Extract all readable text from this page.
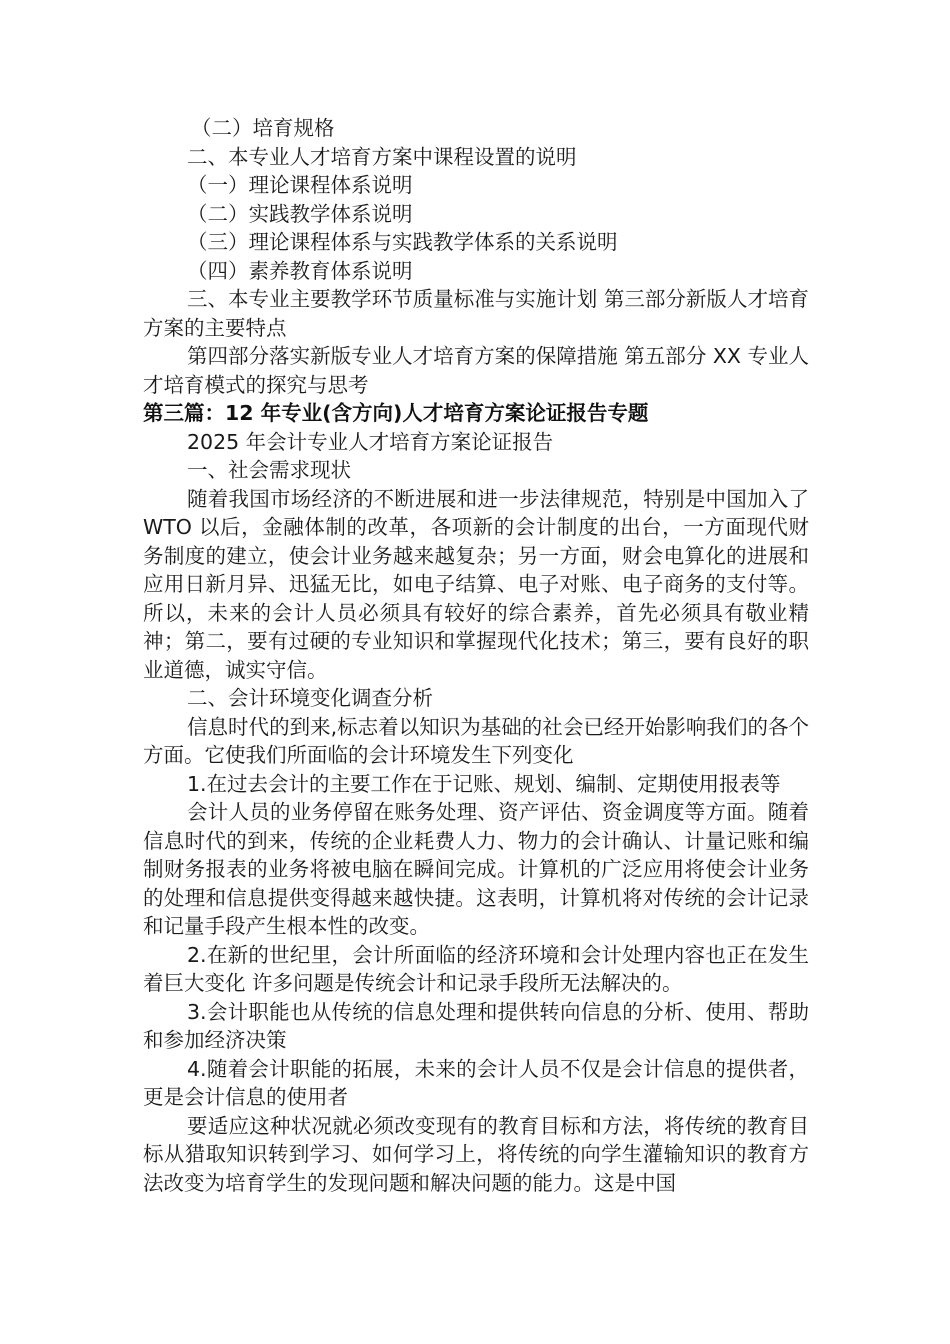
（二）培育规格

二、本专业人才培育方案中课程设置的说明

（一）理论课程体系说明

（二）实践教学体系说明

（三）理论课程体系与实践教学体系的关系说明

（四）素养教育体系说明

三、本专业主要教学环节质量标准与实施计划 第三部分新版人才培育方案的主要特点

第四部分落实新版专业人才培育方案的保障措施 第五部分 XX 专业人才培育模式的探究与思考

第三篇：12 年专业(含方向)人才培育方案论证报告专题

2025 年会计专业人才培育方案论证报告

一、社会需求现状

随着我国市场经济的不断进展和进一步法律规范，特别是中国加入了 WTO 以后，金融体制的改革，各项新的会计制度的出台，一方面现代财务制度的建立，使会计业务越来越复杂；另一方面，财会电算化的进展和应用日新月异、迅猛无比，如电子结算、电子对账、电子商务的支付等。所以，未来的会计人员必须具有较好的综合素养，首先必须具有敬业精神；第二，要有过硬的专业知识和掌握现代化技术；第三，要有良好的职业道德，诚实守信。

二、会计环境变化调查分析

信息时代的到来,标志着以知识为基础的社会已经开始影响我们的各个方面。它使我们所面临的会计环境发生下列变化

1.在过去会计的主要工作在于记账、规划、编制、定期使用报表等

会计人员的业务停留在账务处理、资产评估、资金调度等方面。随着信息时代的到来，传统的企业耗费人力、物力的会计确认、计量记账和编制财务报表的业务将被电脑在瞬间完成。计算机的广泛应用将使会计业务的处理和信息提供变得越来越快捷。这表明，计算机将对传统的会计记录和记量手段产生根本性的改变。

2.在新的世纪里，会计所面临的经济环境和会计处理内容也正在发生着巨大变化 许多问题是传统会计和记录手段所无法解决的。

3.会计职能也从传统的信息处理和提供转向信息的分析、使用、帮助和参加经济决策

4.随着会计职能的拓展，未来的会计人员不仅是会计信息的提供者，更是会计信息的使用者

要适应这种状况就必须改变现有的教育目标和方法，将传统的教育目标从猎取知识转到学习、如何学习上，将传统的向学生灌输知识的教育方法改变为培育学生的发现问题和解决问题的能力。这是中国
